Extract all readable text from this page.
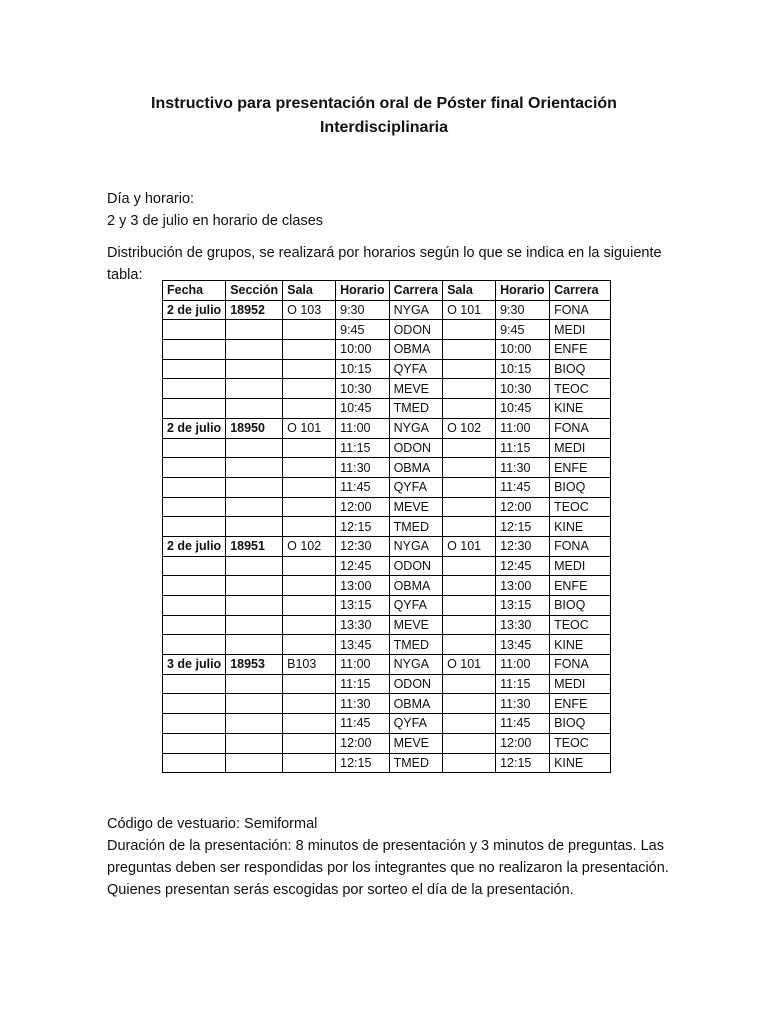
Instructivo para presentación oral de Póster final Orientación Interdisciplinaria
Día y horario:
2 y 3 de julio en horario de clases

Distribución de grupos, se realizará por horarios según lo que se indica en la siguiente tabla:

Fecha	Sección	Sala	Horario	Carrera	Sala	Horario	Carrera
2 de julio	18952	O 103	9:30	NYGA	O 101	9:30	FONA
			9:45	ODON		9:45	MEDI
			10:00	OBMA		10:00	ENFE
			10:15	QYFA		10:15	BIOQ
			10:30	MEVE		10:30	TEOC
			10:45	TMED		10:45	KINE
2 de julio	18950	O 101	11:00	NYGA	O 102	11:00	FONA
			11:15	ODON		11:15	MEDI
			11:30	OBMA		11:30	ENFE
			11:45	QYFA		11:45	BIOQ
			12:00	MEVE		12:00	TEOC
			12:15	TMED		12:15	KINE
2 de julio	18951	O 102	12:30	NYGA	O 101	12:30	FONA
			12:45	ODON		12:45	MEDI
			13:00	OBMA		13:00	ENFE
			13:15	QYFA		13:15	BIOQ
			13:30	MEVE		13:30	TEOC
			13:45	TMED		13:45	KINE
3 de julio	18953	B103	11:00	NYGA	O 101	11:00	FONA
			11:15	ODON		11:15	MEDI
			11:30	OBMA		11:30	ENFE
			11:45	QYFA		11:45	BIOQ
			12:00	MEVE		12:00	TEOC
			12:15	TMED		12:15	KINE
Código de vestuario: Semiformal
Duración de la presentación: 8 minutos de presentación y 3 minutos de preguntas. Las preguntas deben ser respondidas por los integrantes que no realizaron la presentación. Quienes presentan serás escogidas por sorteo el día de la presentación.
